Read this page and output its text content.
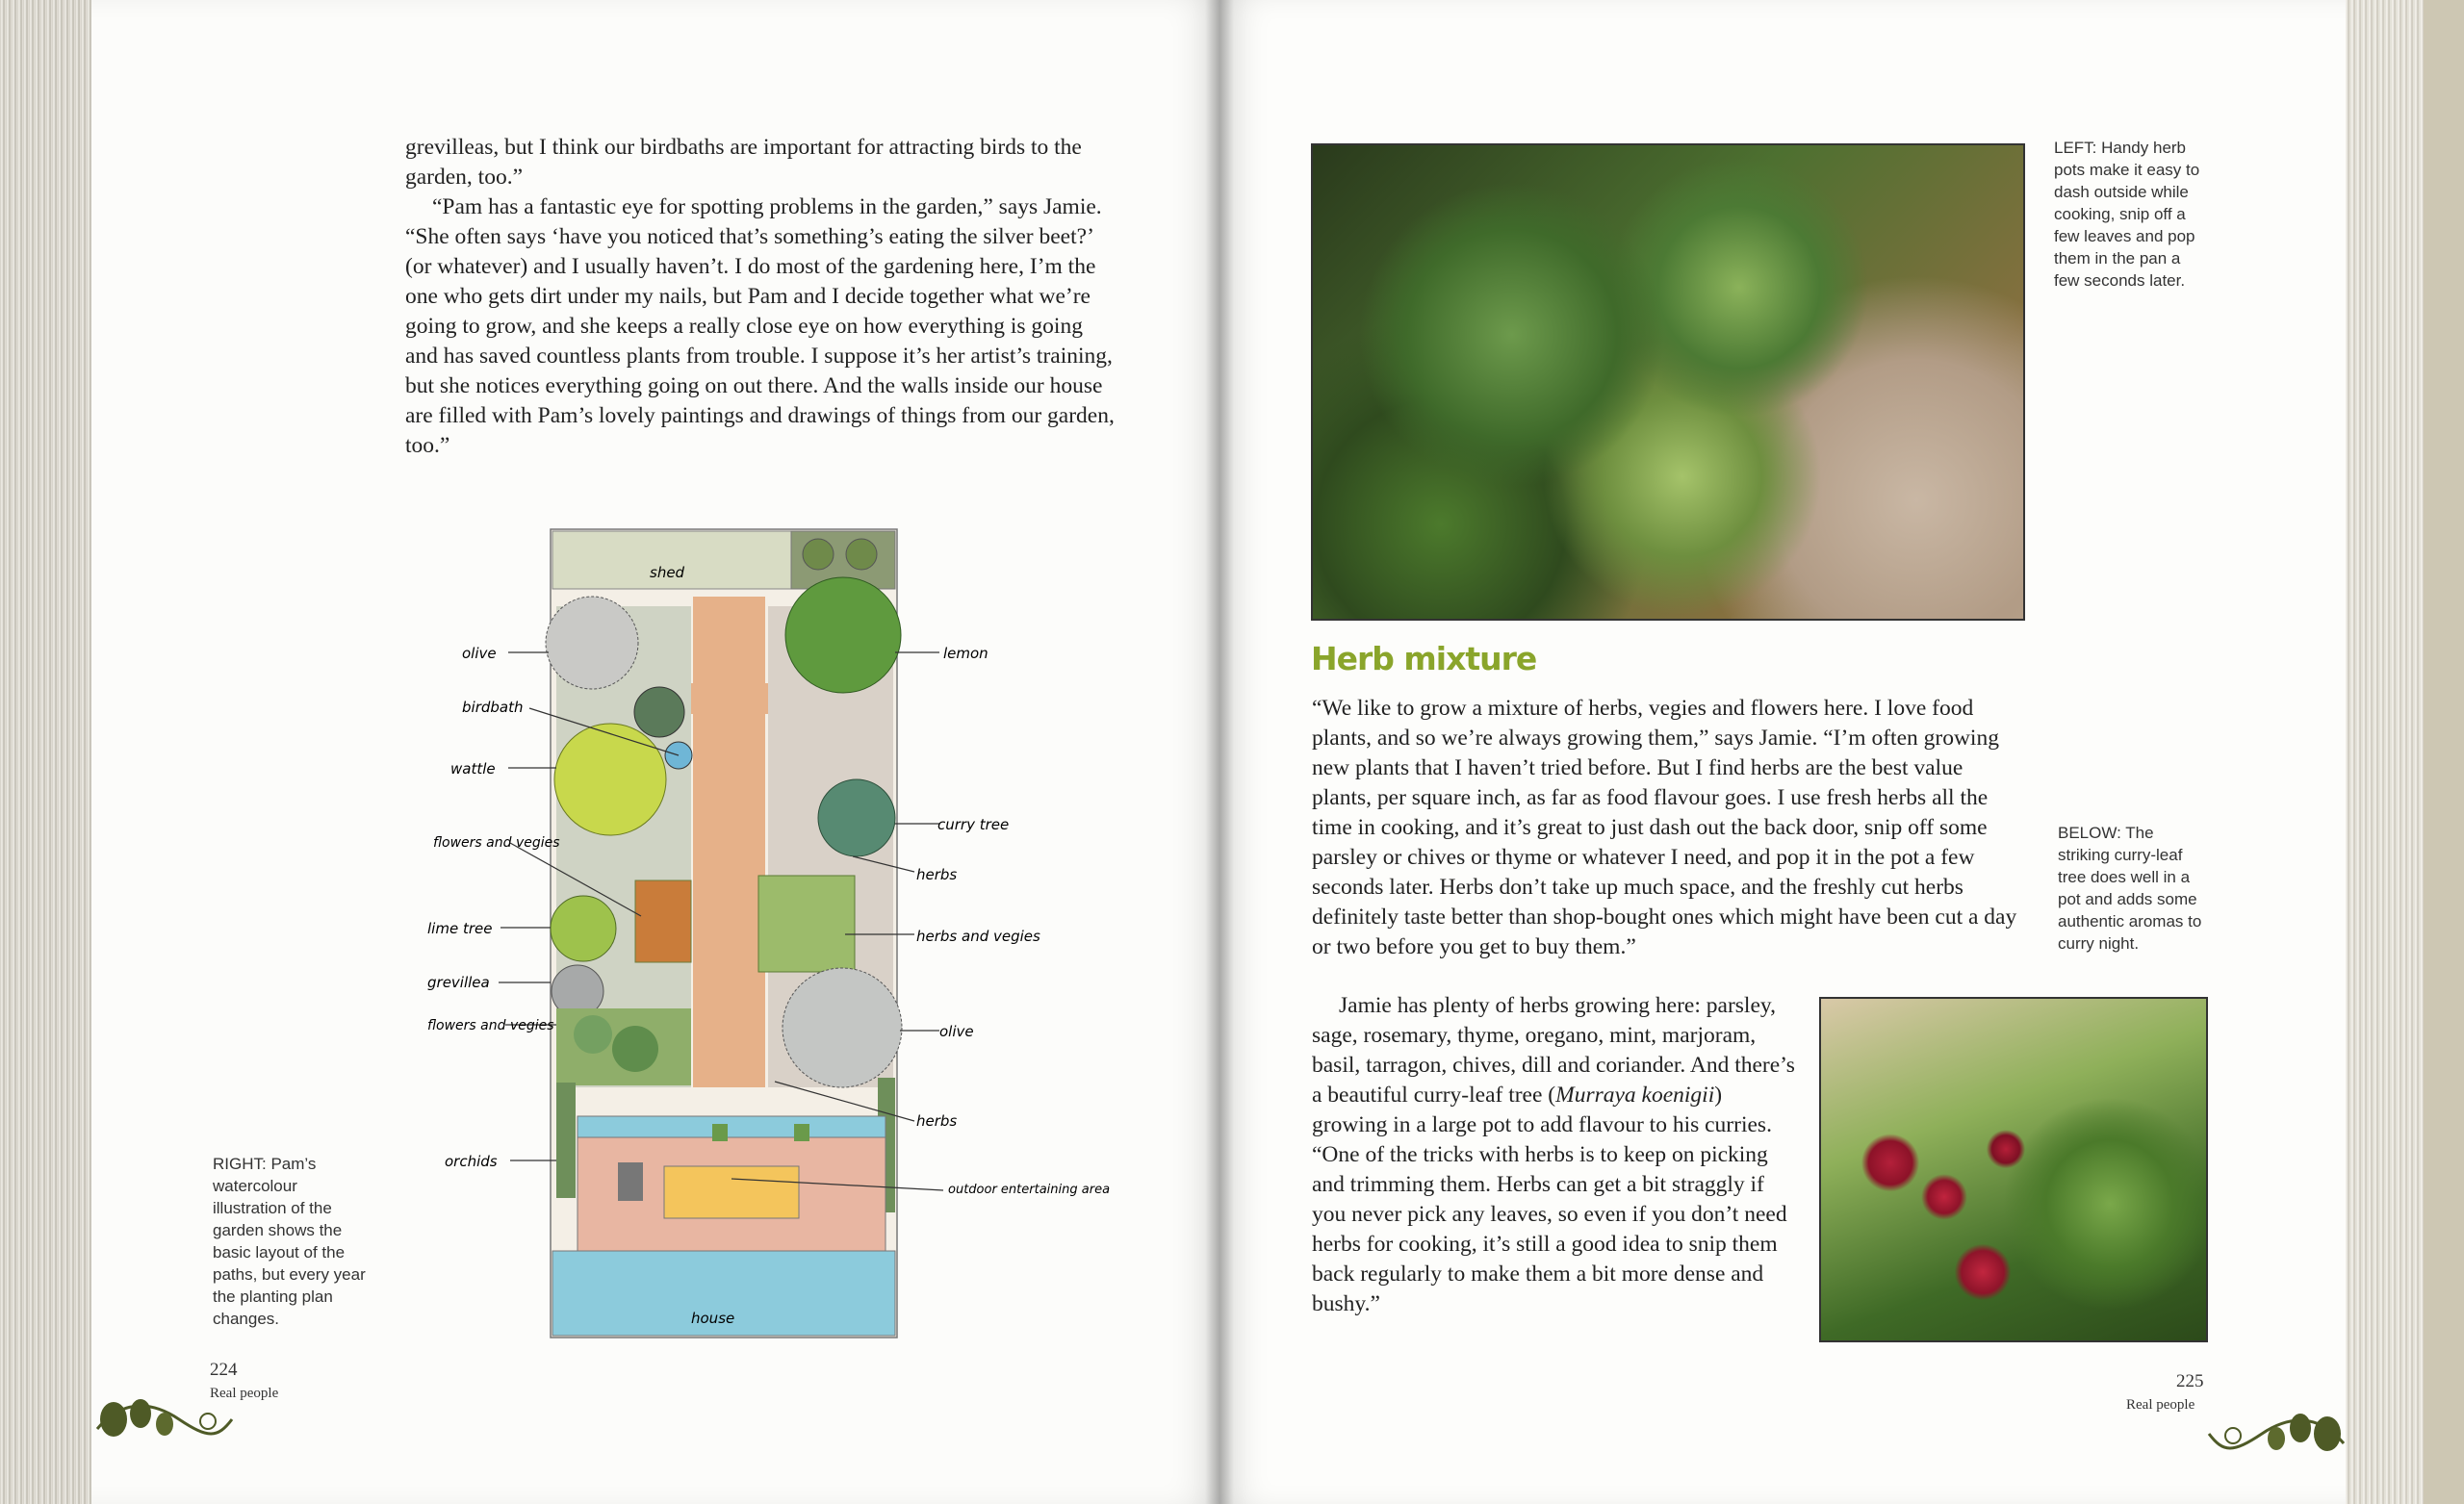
grevilleas, but I think our birdbaths are important for attracting birds to the garden, too.”

“Pam has a fantastic eye for spotting problems in the garden,” says Jamie. “She often says ‘have you noticed that’s something’s eating the silver beet?’ (or whatever) and I usually haven’t. I do most of the gardening here, I’m the one who gets dirt under my nails, but Pam and I decide together what we’re going to grow, and she keeps a really close eye on how everything is going and has saved countless plants from trouble. I suppose it’s her artist’s training, but she notices everything going on out there. And the walls inside our house are filled with Pam’s lovely paintings and drawings of things from our garden, too.”

shed
house
olive
birdbath
wattle
flowers and vegies
lime tree
grevillea
flowers and vegies
orchids
lemon
curry tree
herbs
herbs and vegies
olive
herbs
outdoor entertaining area
RIGHT: Pam’s watercolour illustration of the garden shows the basic layout of the paths, but every year the planting plan changes.
224
Real people
LEFT: Handy herb pots make it easy to dash outside while cooking, snip off a few leaves and pop them in the pan a few seconds later.
Herb mixture
“We like to grow a mixture of herbs, vegies and flowers here. I love food plants, and so we’re always growing them,” says Jamie. “I’m often growing new plants that I haven’t tried before. But I find herbs are the best value plants, per square inch, as far as food flavour goes. I use fresh herbs all the time in cooking, and it’s great to just dash out the back door, snip off some parsley or chives or thyme or whatever I need, and pop it in the pot a few seconds later. Herbs don’t take up much space, and the freshly cut herbs definitely taste better than shop-bought ones which might have been cut a day or two before you get to buy them.”
BELOW: The striking curry-leaf tree does well in a pot and adds some authentic aromas to curry night.

Jamie has plenty of herbs growing here: parsley, sage, rosemary, thyme, oregano, mint, marjoram, basil, tarragon, chives, dill and coriander. And there’s a beautiful curry-leaf tree (Murraya koenigii) growing in a large pot to add flavour to his curries. “One of the tricks with herbs is to keep on picking and trimming them. Herbs can get a bit straggly if you never pick any leaves, so even if you don’t need herbs for cooking, it’s still a good idea to snip them back regularly to make them a bit more dense and bushy.”

225
Real people
